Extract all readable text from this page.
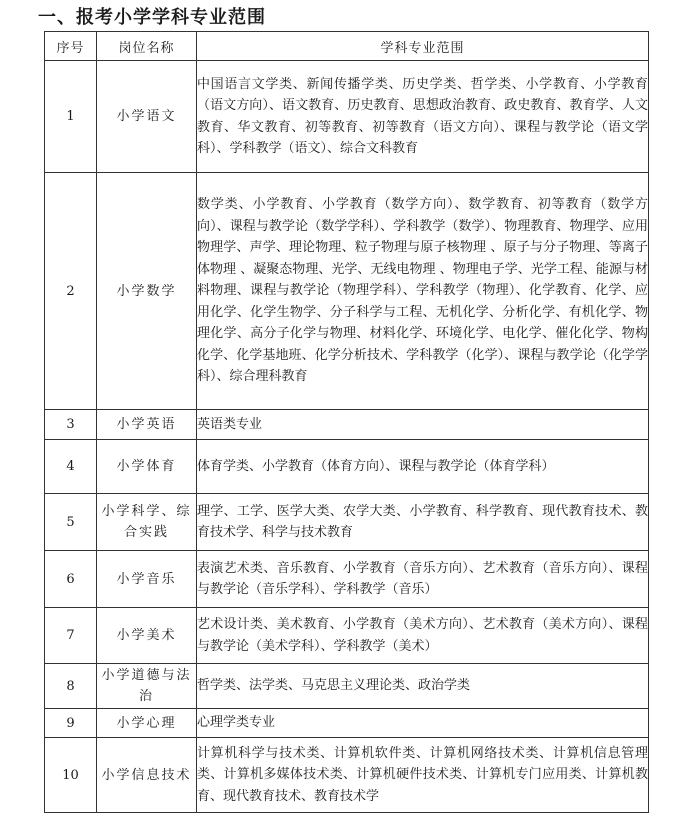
一、报考小学学科专业范围
序号	岗位名称	学科专业范围
1	小学语文	中国语言文学类、新闻传播学类、历史学类、哲学类、小学教育、小学教育（语文方向）、语文教育、历史教育、思想政治教育、政史教育、教育学、人文教育、华文教育、初等教育、初等教育（语文方向）、课程与教学论（语文学科）、学科教学（语文）、综合文科教育
2	小学数学	数学类、小学教育、小学教育（数学方向）、数学教育、初等教育（数学方向）、课程与教学论（数学学科）、学科教学（数学）、物理教育、物理学、应用物理学、声学、理论物理、粒子物理与原子核物理 、原子与分子物理、等离子体物理 、凝聚态物理、光学、无线电物理 、物理电子学、光学工程、能源与材料物理、课程与教学论（物理学科）、学科教学（物理）、化学教育、化学、应用化学、化学生物学、分子科学与工程、无机化学、分析化学、有机化学、物理化学、高分子化学与物理、材料化学、环境化学、电化学、催化化学、物构化学、化学基地班、化学分析技术、学科教学（化学）、课程与教学论（化学学科）、综合理科教育
3	小学英语	英语类专业
4	小学体育	体育学类、小学教育（体育方向）、课程与教学论（体育学科）
5	小学科学、综合实践	理学、工学、医学大类、农学大类、小学教育、科学教育、现代教育技术、教育技术学、科学与技术教育
6	小学音乐	表演艺术类、音乐教育、小学教育（音乐方向）、艺术教育（音乐方向）、课程与教学论（音乐学科）、学科教学（音乐）
7	小学美术	艺术设计类、美术教育、小学教育（美术方向）、艺术教育（美术方向）、课程与教学论（美术学科）、学科教学（美术）
8	小学道德与法治	哲学类、法学类、马克思主义理论类、政治学类
9	小学心理	心理学类专业
10	小学信息技术	计算机科学与技术类、计算机软件类、计算机网络技术类、计算机信息管理类、计算机多媒体技术类、计算机硬件技术类、计算机专门应用类、计算机教育、现代教育技术、教育技术学
